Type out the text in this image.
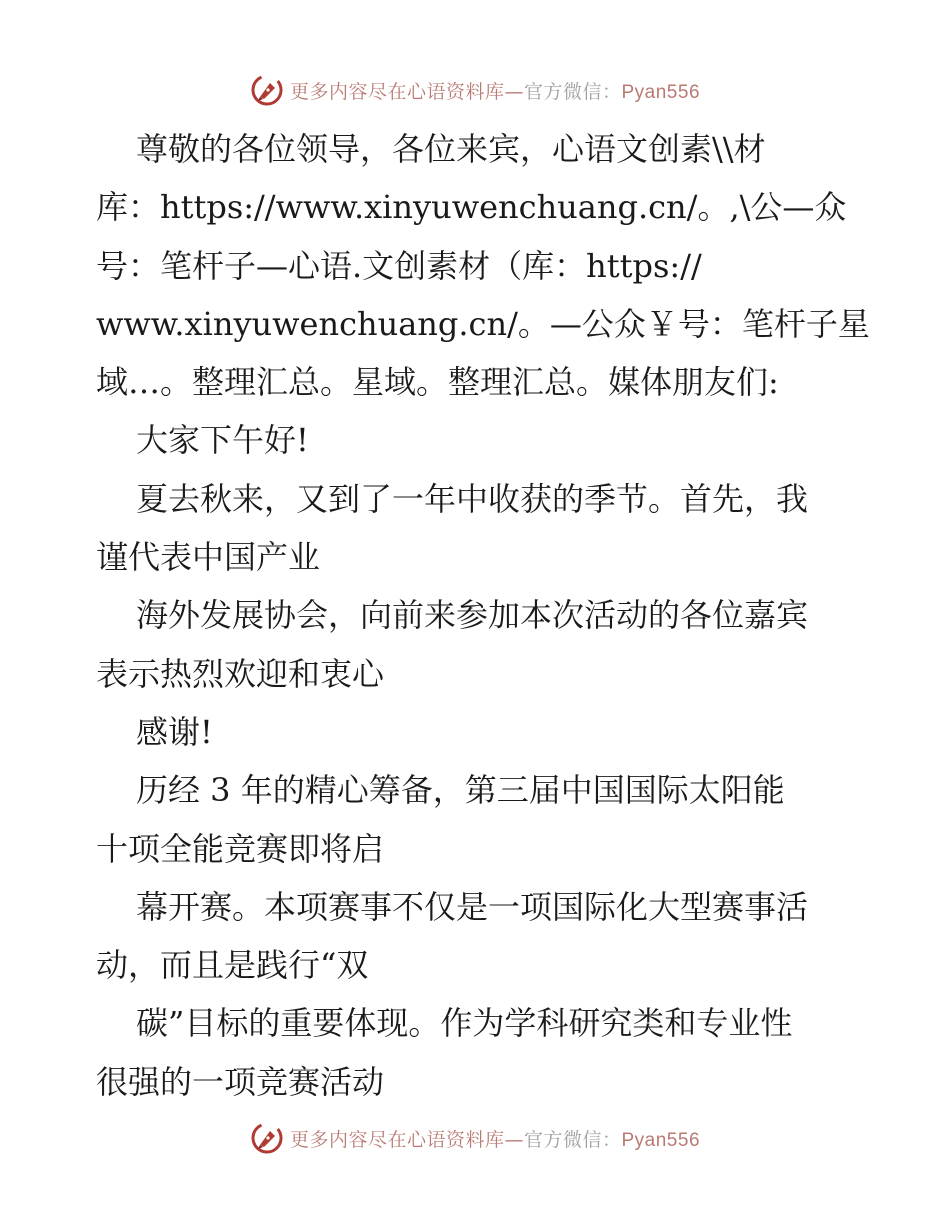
更多内容尽在心语资料库—官方微信：Pyan556
尊敬的各位领导，各位来宾，心语文创素\\材
库：https://www.xinyuwenchuang.cn/。,\公—众
号：笔杆子—心语.文创素材（库：https://
www.xinyuwenchuang.cn/。—公众￥号：笔杆子星
域…。整理汇总。星域。整理汇总。媒体朋友们:
大家下午好!
夏去秋来，又到了一年中收获的季节。首先，我
谨代表中国产业
海外发展协会，向前来参加本次活动的各位嘉宾
表示热烈欢迎和衷心
感谢!
历经 3 年的精心筹备，第三届中国国际太阳能
十项全能竞赛即将启
幕开赛。本项赛事不仅是一项国际化大型赛事活
动，而且是践行“双
碳”目标的重要体现。作为学科研究类和专业性
很强的一项竞赛活动
更多内容尽在心语资料库—官方微信：Pyan556
